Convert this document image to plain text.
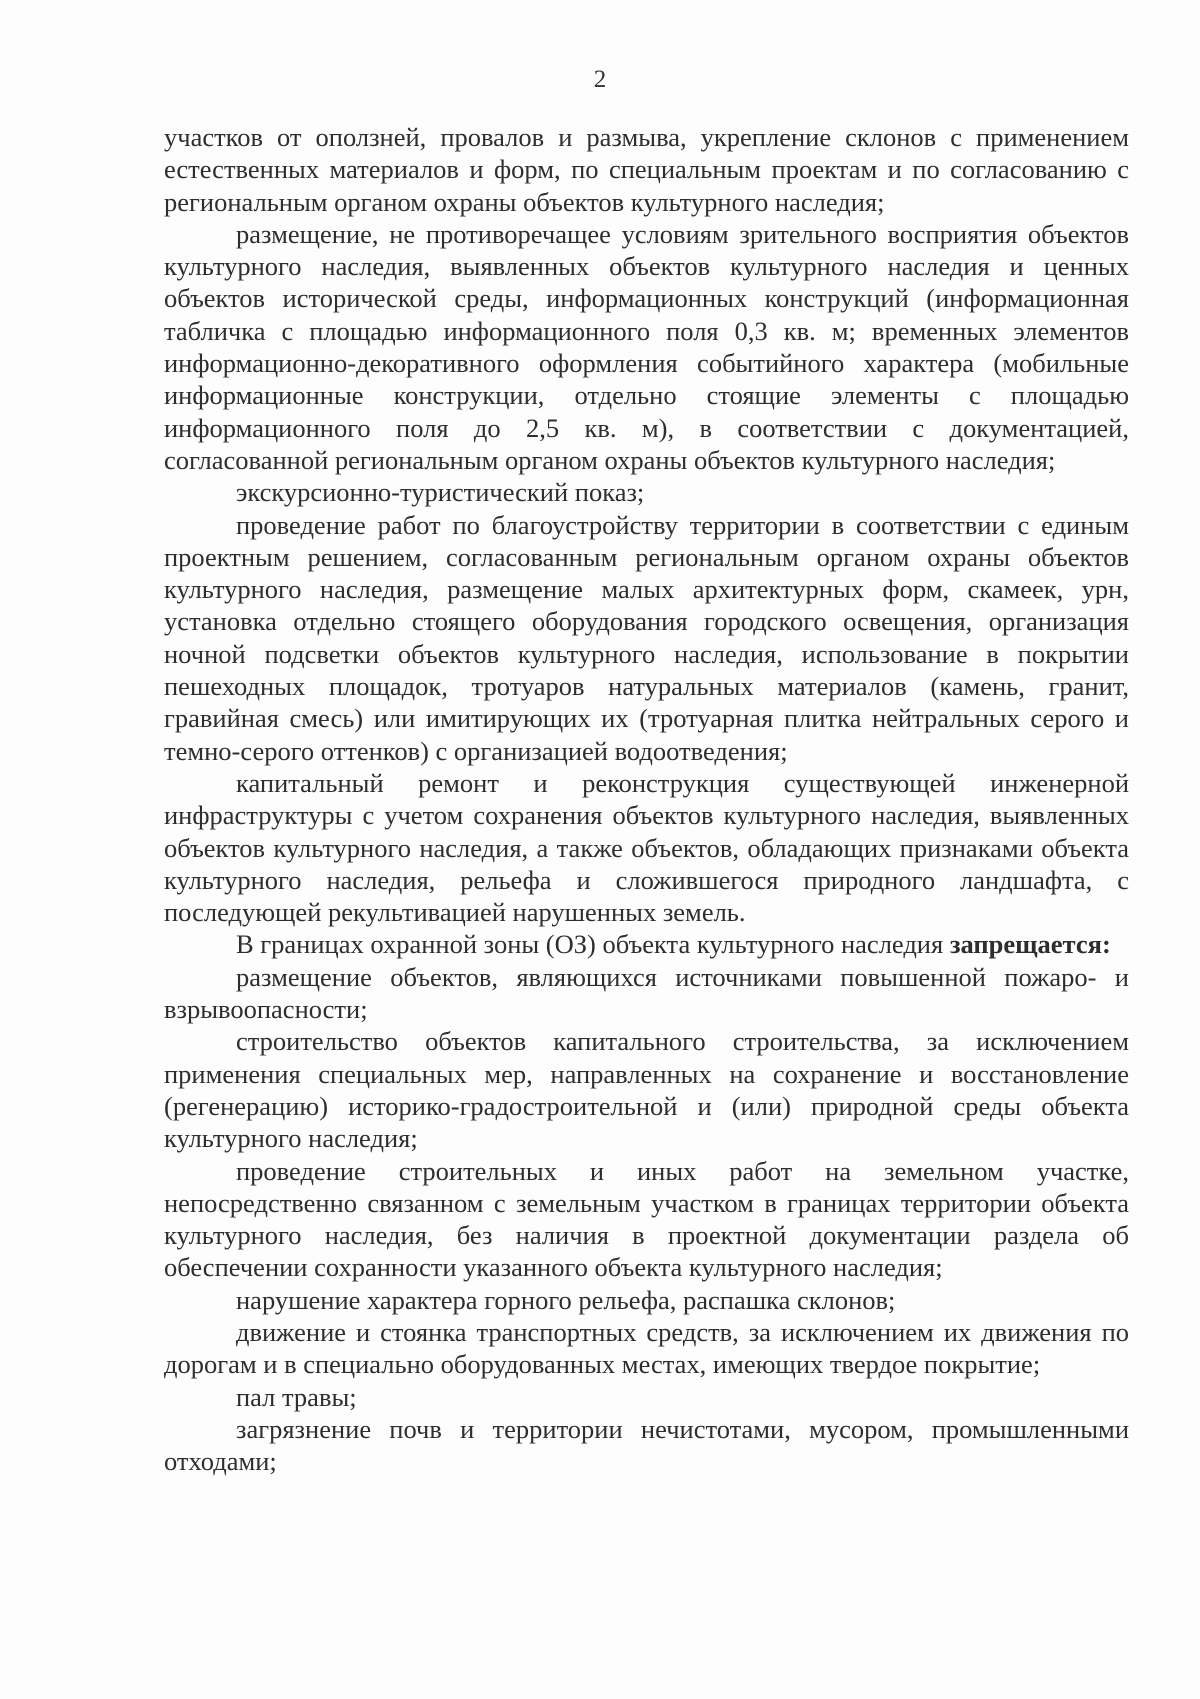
2

участков от оползней, провалов и размыва, укрепление склонов с применением естественных материалов и форм, по специальным проектам и по согласованию с региональным органом охраны объектов культурного наследия;

размещение, не противоречащее условиям зрительного восприятия объектов культурного наследия, выявленных объектов культурного наследия и ценных объектов исторической среды, информационных конструкций (информационная табличка с площадью информационного поля 0,3 кв. м; временных элементов информационно-декоративного оформления событийного характера (мобильные информационные конструкции, отдельно стоящие элементы с площадью информационного поля до 2,5 кв. м), в соответствии с документацией, согласованной региональным органом охраны объектов культурного наследия;

экскурсионно-туристический показ;

проведение работ по благоустройству территории в соответствии с единым проектным решением, согласованным региональным органом охраны объектов культурного наследия, размещение малых архитектурных форм, скамеек, урн, установка отдельно стоящего оборудования городского освещения, организация ночной подсветки объектов культурного наследия, использование в покрытии пешеходных площадок, тротуаров натуральных материалов (камень, гранит, гравийная смесь) или имитирующих их (тротуарная плитка нейтральных серого и темно-серого оттенков) с организацией водоотведения;

капитальный ремонт и реконструкция существующей инженерной инфраструктуры с учетом сохранения объектов культурного наследия, выявленных объектов культурного наследия, а также объектов, обладающих признаками объекта культурного наследия, рельефа и сложившегося природного ландшафта, с последующей рекультивацией нарушенных земель.

В границах охранной зоны (ОЗ) объекта культурного наследия запрещается:

размещение объектов, являющихся источниками повышенной пожаро- и взрывоопасности;

строительство объектов капитального строительства, за исключением применения специальных мер, направленных на сохранение и восстановление (регенерацию) историко-градостроительной и (или) природной среды объекта культурного наследия;

проведение строительных и иных работ на земельном участке, непосредственно связанном с земельным участком в границах территории объекта культурного наследия, без наличия в проектной документации раздела об обеспечении сохранности указанного объекта культурного наследия;

нарушение характера горного рельефа, распашка склонов;

движение и стоянка транспортных средств, за исключением их движения по дорогам и в специально оборудованных местах, имеющих твердое покрытие;

пал травы;

загрязнение почв и территории нечистотами, мусором, промышленными отходами;
